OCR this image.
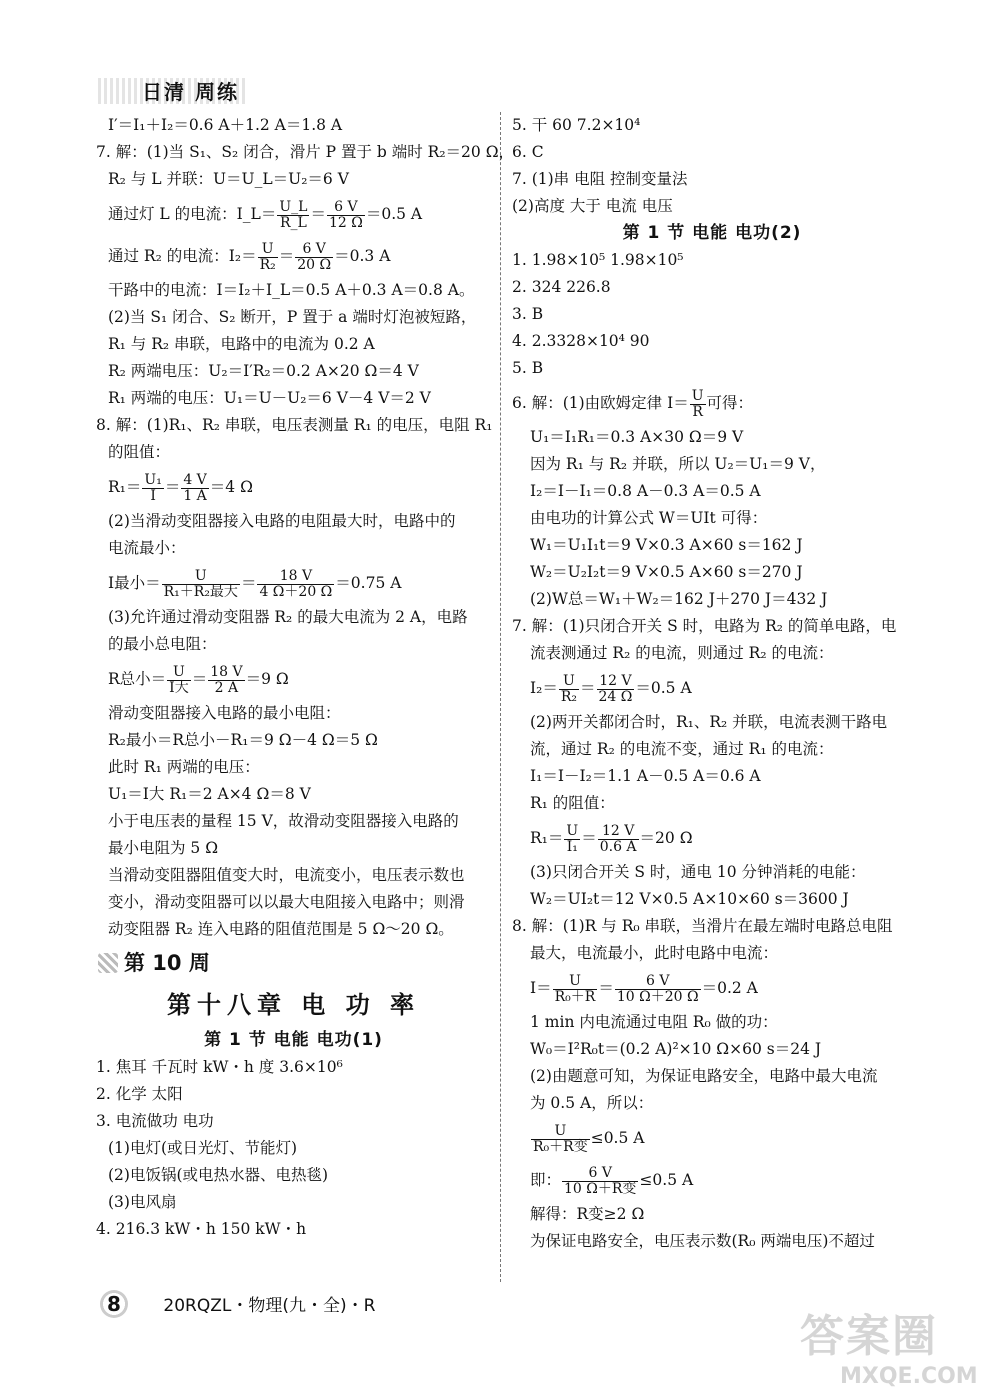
日清 周练
I′＝I₁＋I₂＝0.6 A＋1.2 A＝1.8 A
7. 解：(1)当 S₁、S₂ 闭合，滑片 P 置于 b 端时 R₂＝20 Ω，
R₂ 与 L 并联：U＝U_L＝U₂＝6 V
通过灯 L 的电流：I_L＝ $\frac{U\_L}{R\_L} = \frac{6 V}{12 \Omega} =0.5$ A
通过 R₂ 的电流：$I_2= \frac{U}{\text{R₂}} = \frac{6 V}{20 \Omega} =0.3$ A
干路中的电流：I＝I₂＋I_L＝0.5 A＋0.3 A＝0.8 A。
(2)当 S₁ 闭合、S₂ 断开，P 置于 a 端时灯泡被短路，
R₁ 与 R₂ 串联，电路中的电流为 0.2 A
R₂ 两端电压：U₂＝I′R₂＝0.2 A×20 Ω＝4 V
R₁ 两端的电压：U₁＝U－U₂＝6 V－4 V＝2 V
8. 解：(1)R₁、R₂ 串联，电压表测量 R₁ 的电压，电阻 R₁
的阻值：
$R_1= \frac{\text{U₁}}{I} = \frac{4 V}{1 A} =4$ Ω
(2)当滑动变阻器接入电路的电阻最大时，电路中的
电流最小：
I最小＝	U
R₁＋R₂最大 ＝ $\frac{18 V}{4 \Omega+20 \Omega} =0.75$ A
(3)允许通过滑动变阻器 R₂ 的最大电流为 2 A，电路
的最小总电阻：
R总小＝ U
I大 ＝ $\frac{18 V}{2 A} =9$ Ω
滑动变阻器接入电路的最小电阻：
R₂最小＝R总小－R₁＝9 Ω－4 Ω＝5 Ω
此时 R₁ 两端的电压：
U₁＝I大 R₁＝2 A×4 Ω＝8 V
小于电压表的量程 15 V，故滑动变阻器接入电路的
最小电阻为 5 Ω
当滑动变阻器阻值变大时，电流变小，电压表示数也
变小，滑动变阻器可以以最大电阻接入电路中；则滑
动变阻器 R₂ 连入电路的阻值范围是 5 Ω～20 Ω。
第 10 周
第十八章 电 功 率
第 1 节 电能 电功(1)
1. 焦耳 千瓦时 kW・h 度 3.6×10⁶
2. 化学 太阳
3. 电流做功 电功
(1)电灯(或日光灯、节能灯)
(2)电饭锅(或电热水器、电热毯)
(3)电风扇
4. 216.3 kW・h 150 kW・h
5. 干 60 7.2×10⁴
6. C
7. (1)串 电阻 控制变量法
(2)高度 大于 电流 电压
第 1 节 电能 电功(2)
1. 1.98×10⁵ 1.98×10⁵
2. 324 226.8
3. B
4. 2.3328×10⁴ 90
5. B
6. 解：(1)由欧姆定律 $I= \frac{U}{R}$ 可得：
U₁＝I₁R₁＝0.3 A×30 Ω＝9 V
因为 R₁ 与 R₂ 并联，所以 U₂＝U₁＝9 V，
I₂＝I－I₁＝0.8 A－0.3 A＝0.5 A
由电功的计算公式 W＝UIt 可得：
W₁＝U₁I₁t＝9 V×0.3 A×60 s＝162 J
W₂＝U₂I₂t＝9 V×0.5 A×60 s＝270 J
(2)W总＝W₁＋W₂＝162 J＋270 J＝432 J
7. 解：(1)只闭合开关 S 时，电路为 R₂ 的简单电路，电
流表测通过 R₂ 的电流，则通过 R₂ 的电流：
$I_2= \frac{U}{\text{R₂}} = \frac{12 V}{24 \Omega} =0.5$ A
(2)两开关都闭合时，R₁、R₂ 并联，电流表测干路电
流，通过 R₂ 的电流不变，通过 R₁ 的电流：
I₁＝I－I₂＝1.1 A－0.5 A＝0.6 A
R₁ 的阻值：
$R_1= \frac{U}{\text{I₁}} = \frac{12 V}{0.6 A} =20$ Ω
(3)只闭合开关 S 时，通电 10 分钟消耗的电能：
W₂＝UI₂t＝12 V×0.5 A×10×60 s＝3600 J
8. 解：(1)R 与 R₀ 串联，当滑片在最左端时电路总电阻
最大，电流最小，此时电路中电流：
$I= \frac{U}{\text{R₀＋R}} = \frac{6 V}{10 \Omega+20 \Omega} =0.2$ A
1 min 内电流通过电阻 R₀ 做的功：
W₀＝I²R₀t＝(0.2 A)²×10 Ω×60 s＝24 J
(2)由题意可知，为保证电路安全，电路中最大电流
为 0.5 A，所以：
U
R₀＋R变 ≤0.5 A
即：	6 V
10 Ω＋R变 ≤0.5 A
解得：R变≥2 Ω
为保证电路安全，电压表示数(R₀ 两端电压)不超过
8 20RQZL・物理(九・全)・R
答案圈
MXQE.COM
